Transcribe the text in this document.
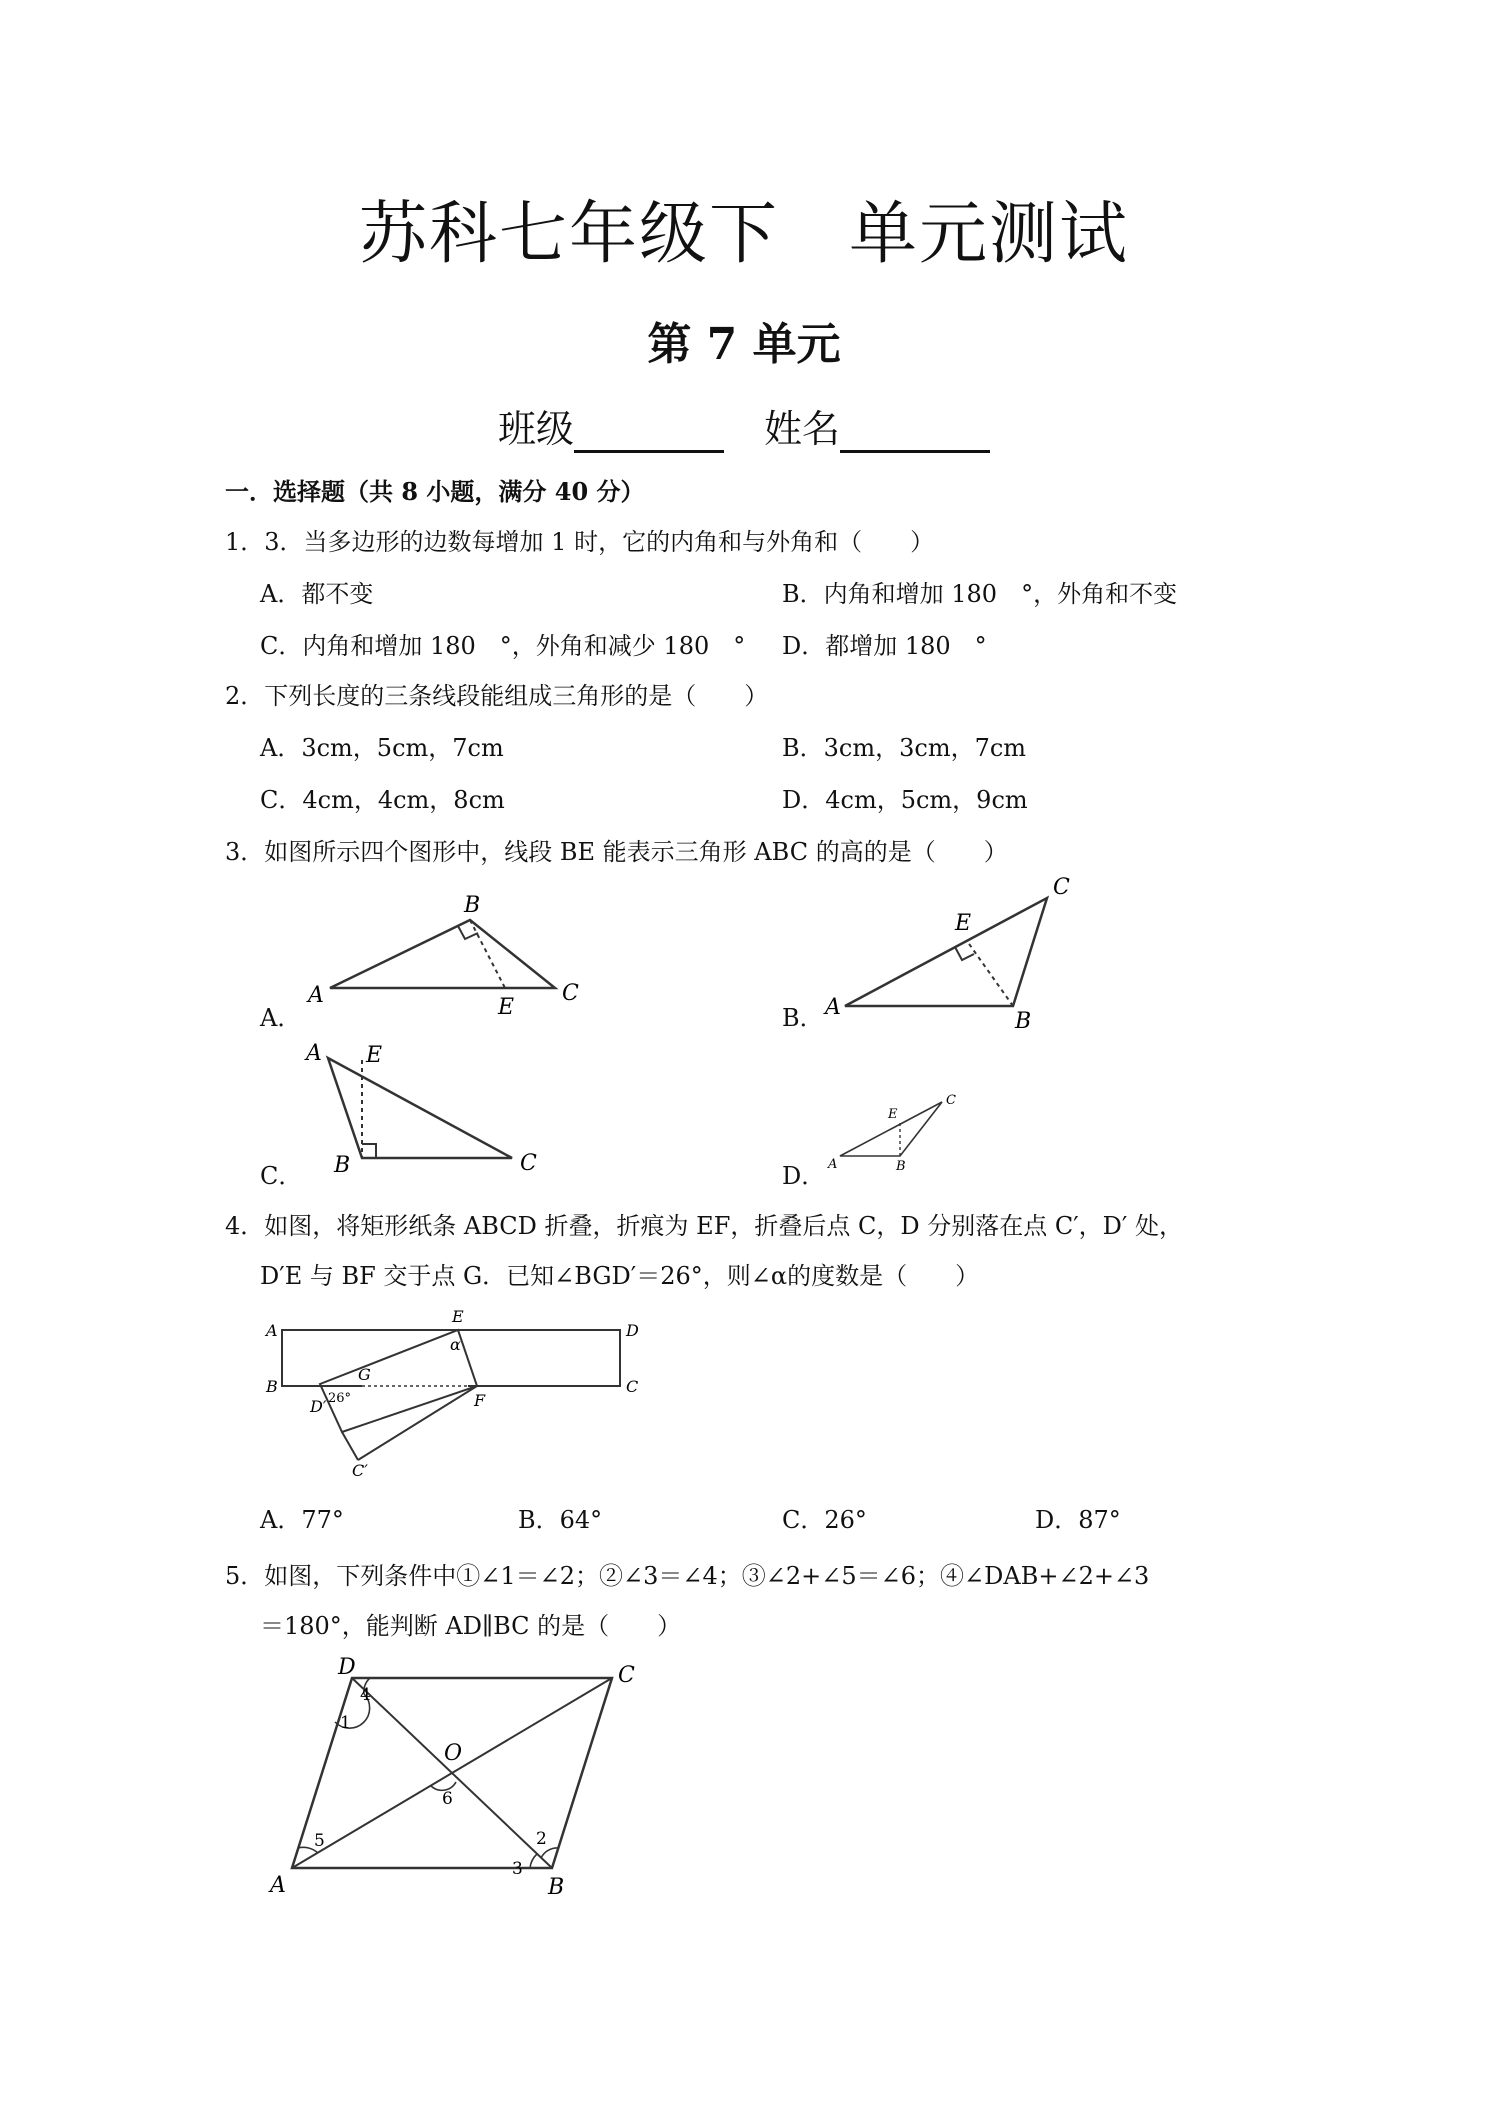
苏科七年级下 单元测试
第 7 单元
班级	姓名
一．选择题（共 8 小题，满分 40 分）
1．3．当多边形的边数每增加 1 时，它的内角和与外角和（　　）
A．都不变	B．内角和增加 180　°，外角和不变
C．内角和增加 180　°，外角和减少 180　° D．都增加 180　°
2．下列长度的三条线段能组成三角形的是（　　）
A．3cm，5cm，7cm	B．3cm，3cm，7cm
C．4cm，4cm，8cm	D．4cm，5cm，9cm
3．如图所示四个图形中，线段 BE 能表示三角形 ABC 的高的是（　　）
A．	B．
C．	D．
A
B
C
E	A
B
C
E
A E
B	C	A	B
C
E
4．如图，将矩形纸条 ABCD 折叠，折痕为 EF，折叠后点 C，D 分别落在点 C′，D′ 处，
D′E 与 BF 交于点 G．已知∠BGD′＝26°，则∠α的度数是（　　）
A
B
D
C
E
α
G
26°
D′	F
C′
A．77°	B．64°	C．26°	D．87°
5．如图，下列条件中①∠1＝∠2；②∠3＝∠4；③∠2+∠5＝∠6；④∠DAB+∠2+∠3
＝180°，能判断 AD∥BC 的是（　　）
A	B
C
D
O
4
1
5
6
3
2
